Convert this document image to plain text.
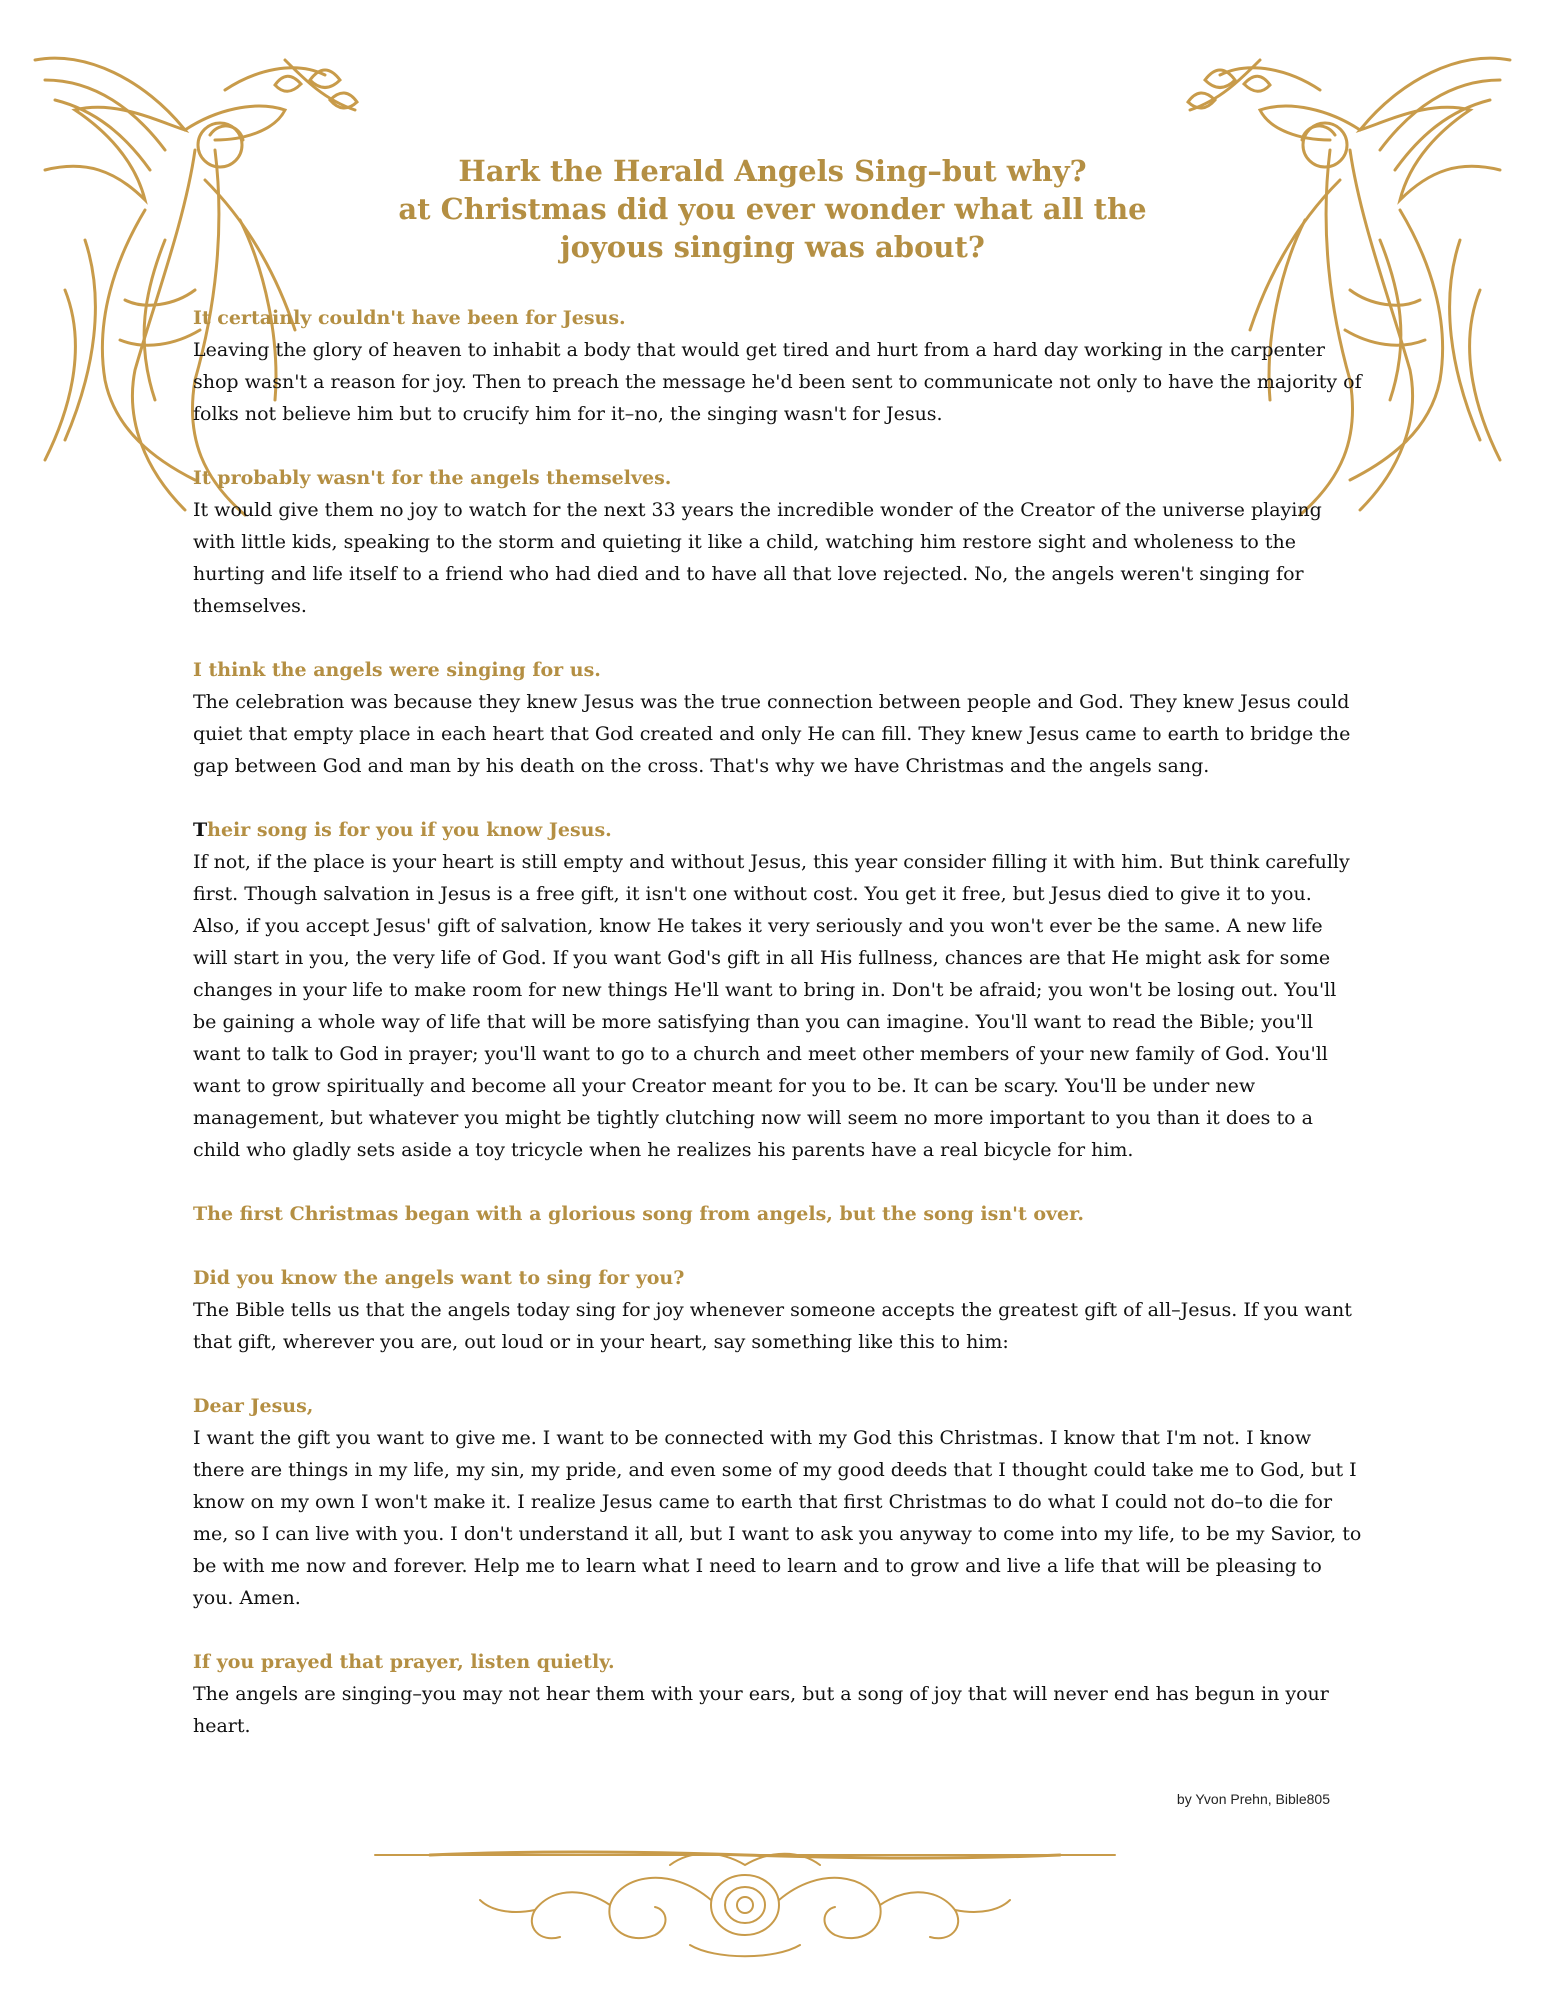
Hark the Herald Angels Sing–but why?
at Christmas did you ever wonder what all the
joyous singing was about?
It certainly couldn't have been for Jesus.
Leaving the glory of heaven to inhabit a body that would get tired and hurt from a hard day working in the carpenter shop wasn't a reason for joy. Then to preach the message he'd been sent to communicate not only to have the majority of folks not believe him but to crucify him for it–no, the singing wasn't for Jesus.
It probably wasn't for the angels themselves.
It would give them no joy to watch for the next 33 years the incredible wonder of the Creator of the universe playing with little kids, speaking to the storm and quieting it like a child, watching him restore sight and wholeness to the hurting and life itself to a friend who had died and to have all that love rejected. No, the angels weren't singing for themselves.
I think the angels were singing for us.
The celebration was because they knew Jesus was the true connection between people and God. They knew Jesus could quiet that empty place in each heart that God created and only He can fill. They knew Jesus came to earth to bridge the gap between God and man by his death on the cross. That's why we have Christmas and the angels sang.
Their song is for you if you know Jesus.
If not, if the place is your heart is still empty and without Jesus, this year consider filling it with him. But think carefully first. Though salvation in Jesus is a free gift, it isn't one without cost. You get it free, but Jesus died to give it to you. Also, if you accept Jesus' gift of salvation, know He takes it very seriously and you won't ever be the same. A new life will start in you, the very life of God. If you want God's gift in all His fullness, chances are that He might ask for some changes in your life to make room for new things He'll want to bring in. Don't be afraid; you won't be losing out. You'll be gaining a whole way of life that will be more satisfying than you can imagine. You'll want to read the Bible; you'll want to talk to God in prayer; you'll want to go to a church and meet other members of your new family of God. You'll want to grow spiritually and become all your Creator meant for you to be. It can be scary. You'll be under new management, but whatever you might be tightly clutching now will seem no more important to you than it does to a child who gladly sets aside a toy tricycle when he realizes his parents have a real bicycle for him.
The first Christmas began with a glorious song from angels, but the song isn't over.
Did you know the angels want to sing for you?
The Bible tells us that the angels today sing for joy whenever someone accepts the greatest gift of all–Jesus. If you want that gift, wherever you are, out loud or in your heart, say something like this to him:
Dear Jesus,
I want the gift you want to give me. I want to be connected with my God this Christmas. I know that I'm not. I know there are things in my life, my sin, my pride, and even some of my good deeds that I thought could take me to God, but I know on my own I won't make it. I realize Jesus came to earth that first Christmas to do what I could not do–to die for me, so I can live with you. I don't understand it all, but I want to ask you anyway to come into my life, to be my Savior, to be with me now and forever. Help me to learn what I need to learn and to grow and live a life that will be pleasing to you. Amen.
If you prayed that prayer, listen quietly.
The angels are singing–you may not hear them with your ears, but a song of joy that will never end has begun in your heart.
by Yvon Prehn, Bible805
